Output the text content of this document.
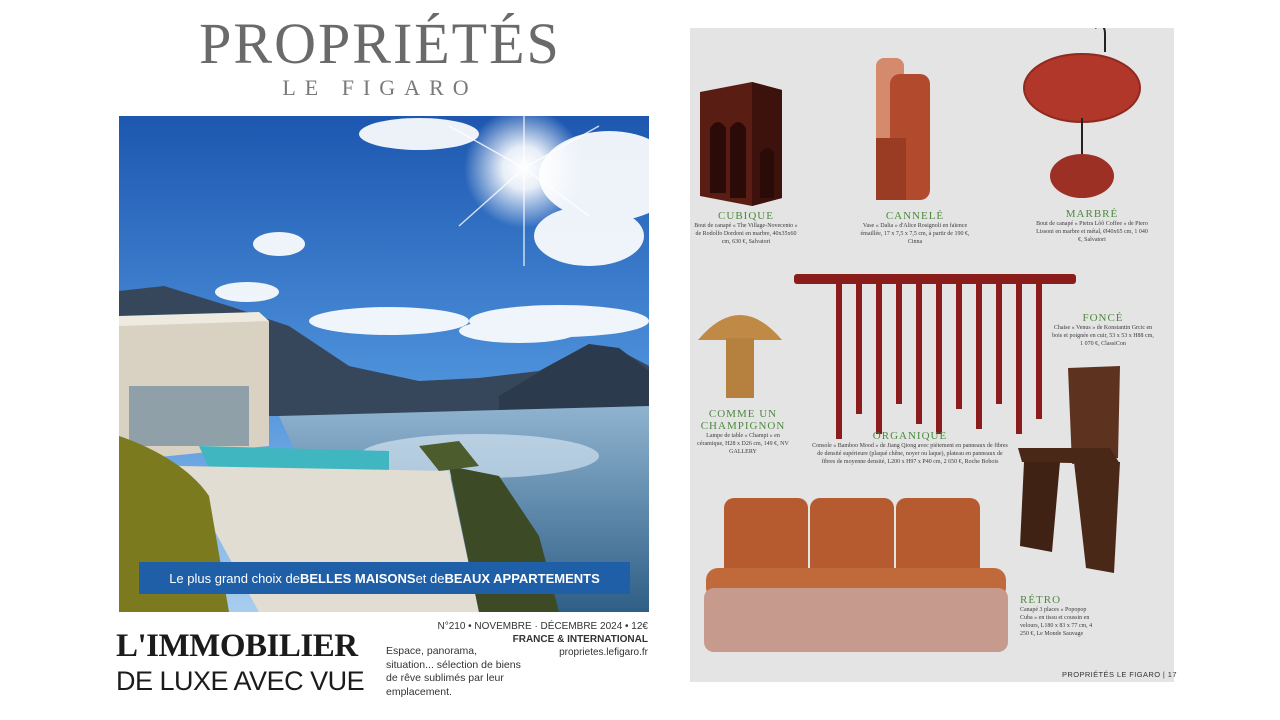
PROPRIÉTÉS
LE FIGARO
Le plus grand choix de BELLES MAISONS et de BEAUX APPARTEMENTS
N°210 • NOVEMBRE · DÉCEMBRE 2024 • 12€
FRANCE & INTERNATIONAL
proprietes.lefigaro.fr
L'IMMOBILIER
DE LUXE AVEC VUE
Espace, panorama, situation... sélection de biens de rêve sublimés par leur emplacement.
CUBIQUE
Bout de canapé « The Village-Novecento » de Rodolfo Dordoni en marbre, 40x35x60 cm, 630 €, Salvatori
CANNELÉ
Vase « Dalia » d'Alice Rosignoli en faïence émaillée, 17 x 7,5 x 7,5 cm, à partir de 190 €, Cinna
MARBRÉ
Bout de canapé « Pietra Lõõ Coffee » de Piero Lissoni en marbre et métal, Ø40x65 cm, 1 040 €, Salvatori
FONCÉ
Chaise « Venus » de Konstantin Grcic en bois et poignée en cuir, 53 x 53 x H88 cm, 1 070 €, ClassiCon
COMME UN CHAMPIGNON
Lampe de table « Champi » en céramique, H28 x D26 cm, 149 €, NV GALLERY
ORGANIQUE
Console « Bamboo Mood » de Jiang Qiong avec piètement en panneaux de fibres de densité supérieure (plaqué chêne, noyer ou laque), plateau en panneaux de fibres de moyenne densité, L200 x H97 x P40 cm, 2 650 €, Roche Bobois
RÉTRO
Canapé 3 places « Popopop Cuba » en tissu et coussin en velours, L180 x 83 x 77 cm, 4 250 €, Le Monde Sauvage
PROPRIÉTÉS LE FIGARO | 17
